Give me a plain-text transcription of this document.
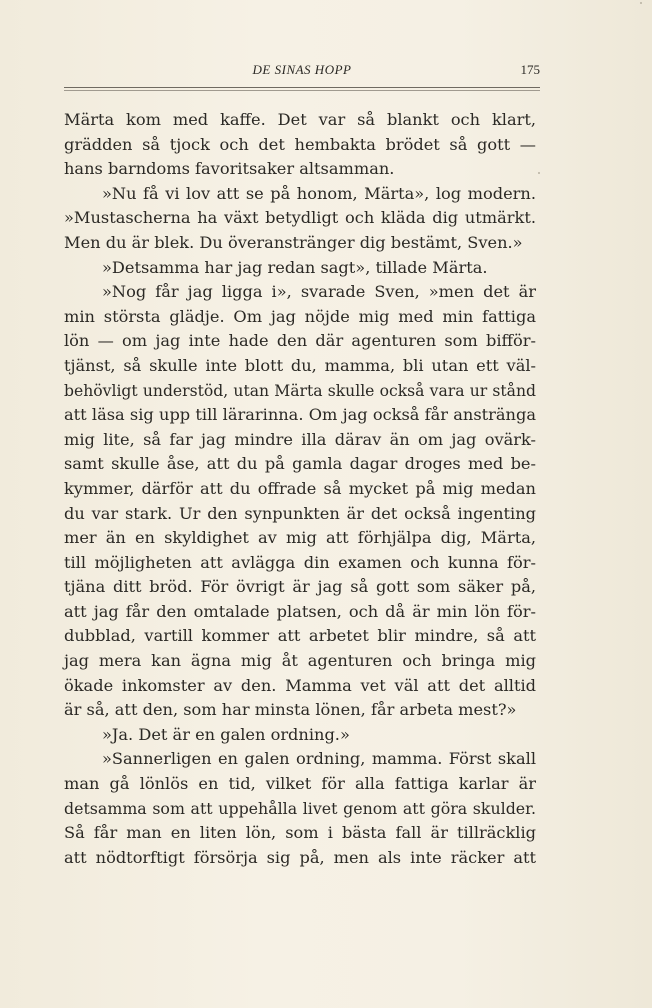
DE SINAS HOPP	175
Märta kom med kaffe. Det var så blankt och klart,
grädden så tjock och det hembakta brödet så gott —
hans barndoms favoritsaker altsamman.
»Nu få vi lov att se på honom, Märta», log modern.
»Mustascherna ha växt betydligt och kläda dig utmärkt.
Men du är blek. Du överanstränger dig bestämt, Sven.»
»Detsamma har jag redan sagt», tillade Märta.
»Nog får jag ligga i», svarade Sven, »men det är
min största glädje. Om jag nöjde mig med min fattiga
lön — om jag inte hade den där agenturen som bifför-
tjänst, så skulle inte blott du, mamma, bli utan ett väl-
behövligt understöd, utan Märta skulle också vara ur stånd
att läsa sig upp till lärarinna. Om jag också får anstränga
mig lite, så far jag mindre illa därav än om jag ovärk-
samt skulle åse, att du på gamla dagar droges med be-
kymmer, därför att du offrade så mycket på mig medan
du var stark. Ur den synpunkten är det också ingenting
mer än en skyldighet av mig att förhjälpa dig, Märta,
till möjligheten att avlägga din examen och kunna för-
tjäna ditt bröd. För övrigt är jag så gott som säker på,
att jag får den omtalade platsen, och då är min lön för-
dubblad, vartill kommer att arbetet blir mindre, så att
jag mera kan ägna mig åt agenturen och bringa mig
ökade inkomster av den. Mamma vet väl att det alltid
är så, att den, som har minsta lönen, får arbeta mest?»
»Ja. Det är en galen ordning.»
»Sannerligen en galen ordning, mamma. Först skall
man gå lönlös en tid, vilket för alla fattiga karlar är
detsamma som att uppehålla livet genom att göra skulder.
Så får man en liten lön, som i bästa fall är tillräcklig
att nödtorftigt försörja sig på, men als inte räcker att
